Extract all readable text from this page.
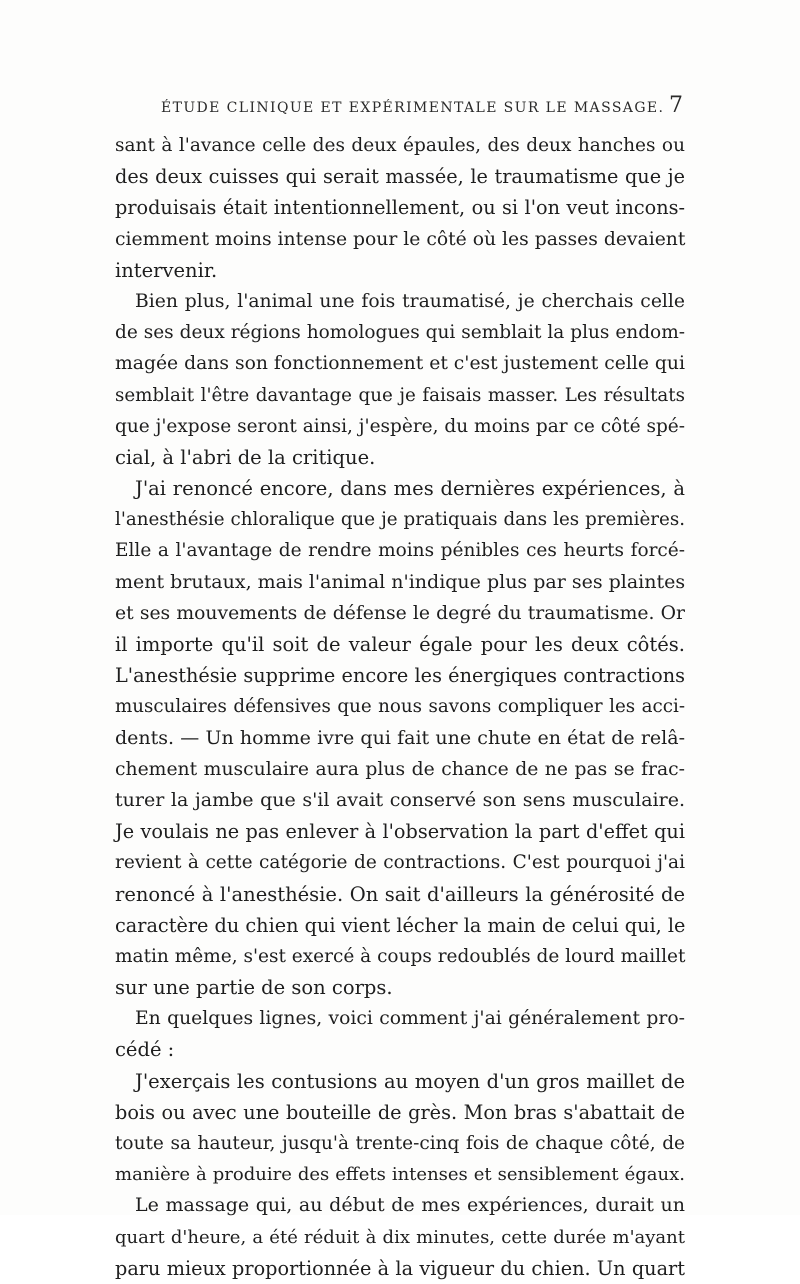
ÉTUDE CLINIQUE ET EXPÉRIMENTALE SUR LE MASSAGE. 7
sant à l'avance celle des deux épaules, des deux hanches ou
des deux cuisses qui serait massée, le traumatisme que je
produisais était intentionnellement, ou si l'on veut incons-
ciemment moins intense pour le côté où les passes devaient
intervenir.
Bien plus, l'animal une fois traumatisé, je cherchais celle
de ses deux régions homologues qui semblait la plus endom-
magée dans son fonctionnement et c'est justement celle qui
semblait l'être davantage que je faisais masser. Les résultats
que j'expose seront ainsi, j'espère, du moins par ce côté spé-
cial, à l'abri de la critique.
J'ai renoncé encore, dans mes dernières expériences, à
l'anesthésie chloralique que je pratiquais dans les premières.
Elle a l'avantage de rendre moins pénibles ces heurts forcé-
ment brutaux, mais l'animal n'indique plus par ses plaintes
et ses mouvements de défense le degré du traumatisme. Or
il importe qu'il soit de valeur égale pour les deux côtés.
L'anesthésie supprime encore les énergiques contractions
musculaires défensives que nous savons compliquer les acci-
dents. — Un homme ivre qui fait une chute en état de relâ-
chement musculaire aura plus de chance de ne pas se frac-
turer la jambe que s'il avait conservé son sens musculaire.
Je voulais ne pas enlever à l'observation la part d'effet qui
revient à cette catégorie de contractions. C'est pourquoi j'ai
renoncé à l'anesthésie. On sait d'ailleurs la générosité de
caractère du chien qui vient lécher la main de celui qui, le
matin même, s'est exercé à coups redoublés de lourd maillet
sur une partie de son corps.
En quelques lignes, voici comment j'ai généralement pro-
cédé :
J'exerçais les contusions au moyen d'un gros maillet de
bois ou avec une bouteille de grès. Mon bras s'abattait de
toute sa hauteur, jusqu'à trente-cinq fois de chaque côté, de
manière à produire des effets intenses et sensiblement égaux.
Le massage qui, au début de mes expériences, durait un
quart d'heure, a été réduit à dix minutes, cette durée m'ayant
paru mieux proportionnée à la vigueur du chien. Un quart
